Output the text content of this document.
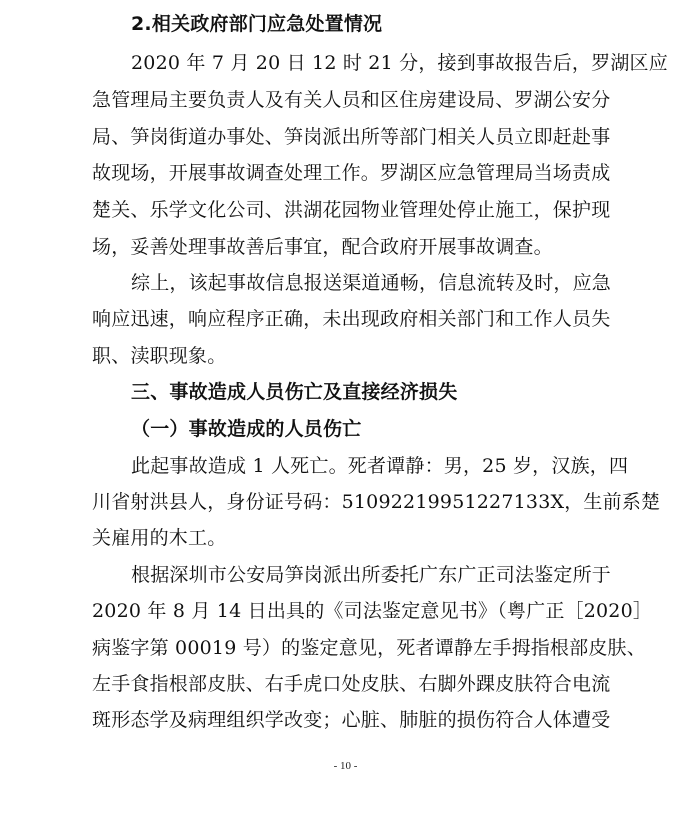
2.相关政府部门应急处置情况
2020 年 7 月 20 日 12 时 21 分，接到事故报告后，罗湖区应
急管理局主要负责人及有关人员和区住房建设局、罗湖公安分
局、笋岗街道办事处、笋岗派出所等部门相关人员立即赶赴事
故现场，开展事故调查处理工作。罗湖区应急管理局当场责成
楚关、乐学文化公司、洪湖花园物业管理处停止施工，保护现
场，妥善处理事故善后事宜，配合政府开展事故调查。
综上，该起事故信息报送渠道通畅，信息流转及时，应急
响应迅速，响应程序正确，未出现政府相关部门和工作人员失
职、渎职现象。
三、事故造成人员伤亡及直接经济损失
（一）事故造成的人员伤亡
此起事故造成 1 人死亡。死者谭静：男，25 岁，汉族，四
川省射洪县人，身份证号码：51092219951227133X，生前系楚
关雇用的木工。
根据深圳市公安局笋岗派出所委托广东广正司法鉴定所于
2020 年 8 月 14 日出具的《司法鉴定意见书》（粤广正［2020］
病鉴字第 00019 号）的鉴定意见，死者谭静左手拇指根部皮肤、
左手食指根部皮肤、右手虎口处皮肤、右脚外踝皮肤符合电流
斑形态学及病理组织学改变；心脏、肺脏的损伤符合人体遭受
- 10 -
